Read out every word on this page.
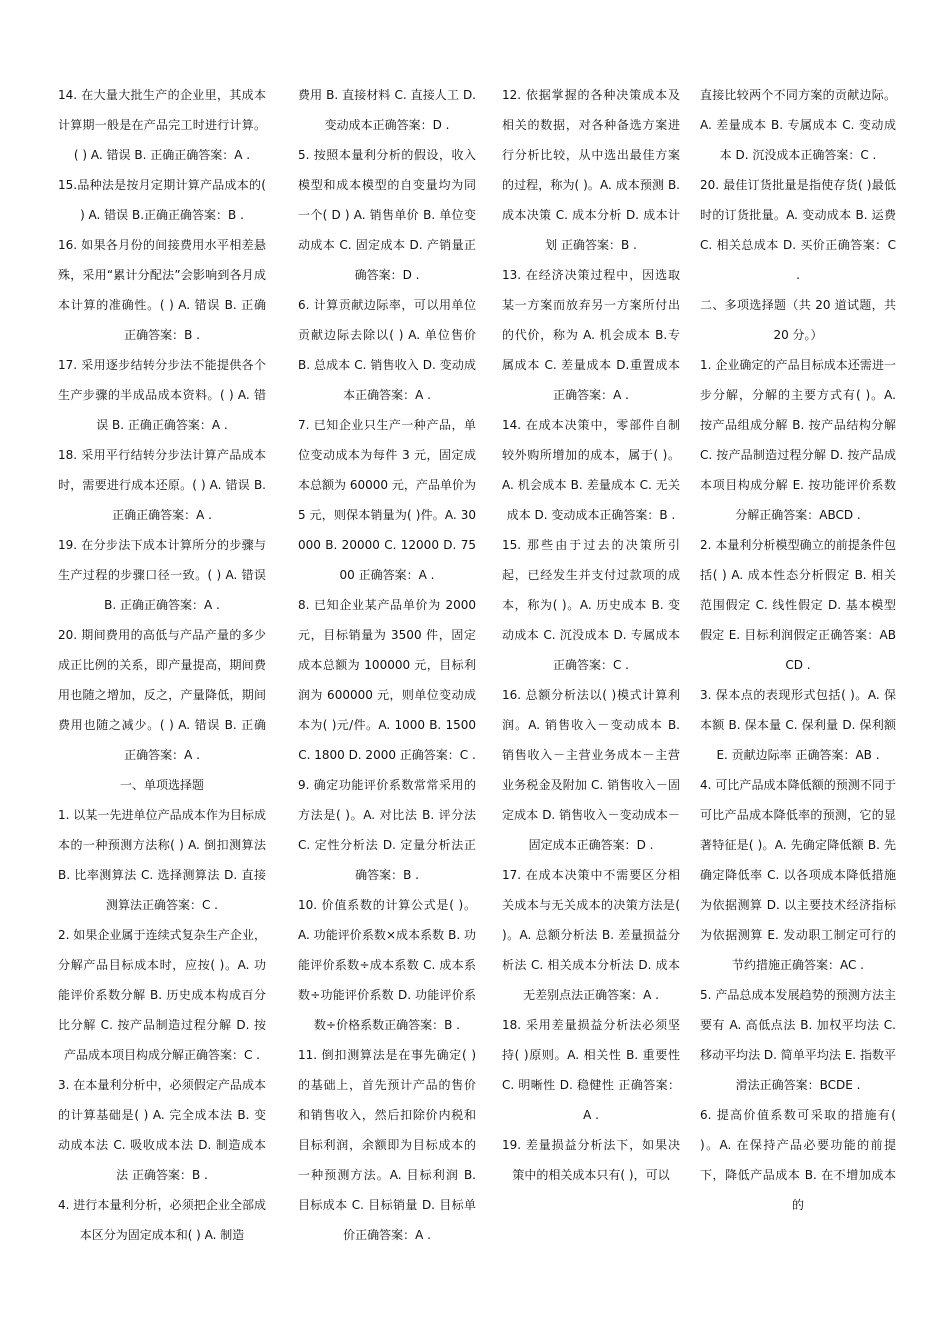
14. 在大量大批生产的企业里，其成本计算期一般是在产品完工时进行计算。( ) A. 错误 B. 正确正确答案：A .

15.品种法是按月定期计算产品成本的( ) A. 错误 B.正确正确答案：B .

16. 如果各月份的间接费用水平相差悬殊，采用“累计分配法”会影响到各月成本计算的准确性。( ) A. 错误 B. 正确正确答案：B .

17. 采用逐步结转分步法不能提供各个生产步骤的半成品成本资料。( ) A. 错误 B. 正确正确答案：A .

18. 采用平行结转分步法计算产品成本时，需要进行成本还原。( ) A. 错误 B. 正确正确答案：A .

19. 在分步法下成本计算所分的步骤与生产过程的步骤口径一致。( ) A. 错误 B. 正确正确答案：A .

20. 期间费用的高低与产品产量的多少成正比例的关系，即产量提高，期间费用也随之增加，反之，产量降低，期间费用也随之减少。( ) A. 错误 B. 正确正确答案：A .

一、单项选择题

1. 以某一先进单位产品成本作为目标成本的一种预测方法称( ) A. 倒扣测算法 B. 比率测算法 C. 选择测算法 D. 直接测算法正确答案：C .

2. 如果企业属于连续式复杂生产企业，分解产品目标成本时，应按( )。A. 功能评价系数分解 B. 历史成本构成百分比分解 C. 按产品制造过程分解 D. 按产品成本项目构成分解正确答案：C .

3. 在本量利分析中，必须假定产品成本的计算基础是( ) A. 完全成本法 B. 变动成本法 C. 吸收成本法 D. 制造成本法 正确答案：B .

4. 进行本量利分析，必须把企业全部成本区分为固定成本和( ) A. 制造

费用 B. 直接材料 C. 直接人工 D. 变动成本正确答案：D .

5. 按照本量利分析的假设，收入模型和成本模型的自变量均为同一个( D ) A. 销售单价 B. 单位变动成本 C. 固定成本 D. 产销量正确答案：D .

6. 计算贡献边际率，可以用单位贡献边际去除以( ) A. 单位售价 B. 总成本 C. 销售收入 D. 变动成本正确答案：A .

7. 已知企业只生产一种产品，单位变动成本为每件 3 元，固定成本总额为 60000 元，产品单价为 5 元，则保本销量为( )件。A. 30000 B. 20000 C. 12000 D. 7500 正确答案：A .

8. 已知企业某产品单价为 2000 元，目标销量为 3500 件，固定成本总额为 100000 元，目标利润为 600000 元，则单位变动成本为( )元/件。A. 1000 B. 1500 C. 1800 D. 2000 正确答案：C .

9. 确定功能评价系数常常采用的方法是( )。A. 对比法 B. 评分法 C. 定性分析法 D. 定量分析法正确答案：B .

10. 价值系数的计算公式是( )。A. 功能评价系数×成本系数 B. 功能评价系数÷成本系数 C. 成本系数÷功能评价系数 D. 功能评价系数÷价格系数正确答案：B .

11. 倒扣测算法是在事先确定( )的基础上，首先预计产品的售价和销售收入，然后扣除价内税和目标利润，余额即为目标成本的一种预测方法。A. 目标利润 B. 目标成本 C. 目标销量 D. 目标单价正确答案：A .

12. 依据掌握的各种决策成本及相关的数据，对各种备选方案进行分析比较，从中选出最佳方案的过程，称为( )。A. 成本预测 B. 成本决策 C. 成本分析 D. 成本计划 正确答案：B .

13. 在经济决策过程中，因选取某一方案而放弃另一方案所付出的代价，称为 A. 机会成本 B.专属成本 C. 差量成本 D.重置成本正确答案：A .

14. 在成本决策中，零部件自制较外购所增加的成本，属于( )。A. 机会成本 B. 差量成本 C. 无关成本 D. 变动成本正确答案：B .

15. 那些由于过去的决策所引起，已经发生并支付过款项的成本，称为( )。A. 历史成本 B. 变动成本 C. 沉没成本 D. 专属成本正确答案：C .

16. 总额分析法以( )模式计算利润。A. 销售收入－变动成本 B. 销售收入－主营业务成本－主营业务税金及附加 C. 销售收入－固定成本 D. 销售收入－变动成本－固定成本正确答案：D .

17. 在成本决策中不需要区分相关成本与无关成本的决策方法是( )。A. 总额分析法 B. 差量损益分析法 C. 相关成本分析法 D. 成本无差别点法正确答案：A .

18. 采用差量损益分析法必须坚持( )原则。A. 相关性 B. 重要性 C. 明晰性 D. 稳健性 正确答案：A .

19. 差量损益分析法下，如果决策中的相关成本只有( )，可以

直接比较两个不同方案的贡献边际。A. 差量成本 B. 专属成本 C. 变动成本 D. 沉没成本正确答案：C .

20. 最佳订货批量是指使存货( )最低时的订货批量。A. 变动成本 B. 运费 C. 相关总成本 D. 买价正确答案：C .

二、多项选择题（共 20 道试题，共 20 分。）

1. 企业确定的产品目标成本还需进一步分解，分解的主要方式有( )。A. 按产品组成分解 B. 按产品结构分解 C. 按产品制造过程分解 D. 按产品成本项目构成分解 E. 按功能评价系数分解正确答案：ABCD .

2. 本量利分析模型确立的前提条件包括( ) A. 成本性态分析假定 B. 相关范围假定 C. 线性假定 D. 基本模型假定 E. 目标利润假定正确答案：ABCD .

3. 保本点的表现形式包括( )。A. 保本额 B. 保本量 C. 保利量 D. 保利额 E. 贡献边际率 正确答案：AB .

4. 可比产品成本降低额的预测不同于可比产品成本降低率的预测，它的显著特征是( )。A. 先确定降低额 B. 先确定降低率 C. 以各项成本降低措施为依据测算 D. 以主要技术经济指标为依据测算 E. 发动职工制定可行的节约措施正确答案：AC .

5. 产品总成本发展趋势的预测方法主要有 A. 高低点法 B. 加权平均法 C. 移动平均法 D. 简单平均法 E. 指数平滑法正确答案：BCDE .

6. 提高价值系数可采取的措施有( )。A. 在保持产品必要功能的前提下，降低产品成本 B. 在不增加成本的
